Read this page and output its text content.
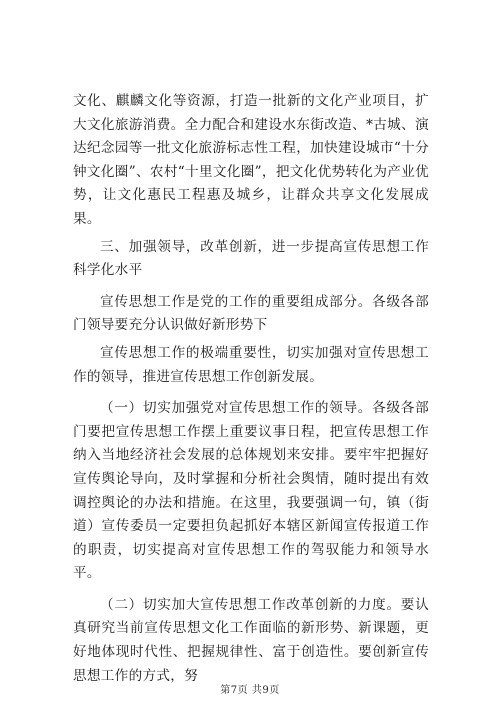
文化、麒麟文化等资源，打造一批新的文化产业项目，扩大文化旅游消费。全力配合和建设水东街改造、*古城、演达纪念园等一批文化旅游标志性工程，加快建设城市“十分钟文化圈”、农村“十里文化圈”，把文化优势转化为产业优势，让文化惠民工程惠及城乡，让群众共享文化发展成果。

三、加强领导，改革创新，进一步提高宣传思想工作科学化水平

宣传思想工作是党的工作的重要组成部分。各级各部门领导要充分认识做好新形势下

宣传思想工作的极端重要性，切实加强对宣传思想工作的领导，推进宣传思想工作创新发展。

（一）切实加强党对宣传思想工作的领导。各级各部门要把宣传思想工作摆上重要议事日程，把宣传思想工作纳入当地经济社会发展的总体规划来安排。要牢牢把握好宣传舆论导向，及时掌握和分析社会舆情，随时提出有效调控舆论的办法和措施。在这里，我要强调一句，镇（街道）宣传委员一定要担负起抓好本辖区新闻宣传报道工作的职责，切实提高对宣传思想工作的驾驭能力和领导水平。

（二）切实加大宣传思想工作改革创新的力度。要认真研究当前宣传思想文化工作面临的新形势、新课题，更好地体现时代性、把握规律性、富于创造性。要创新宣传思想工作的方式，努

第7页 共9页
